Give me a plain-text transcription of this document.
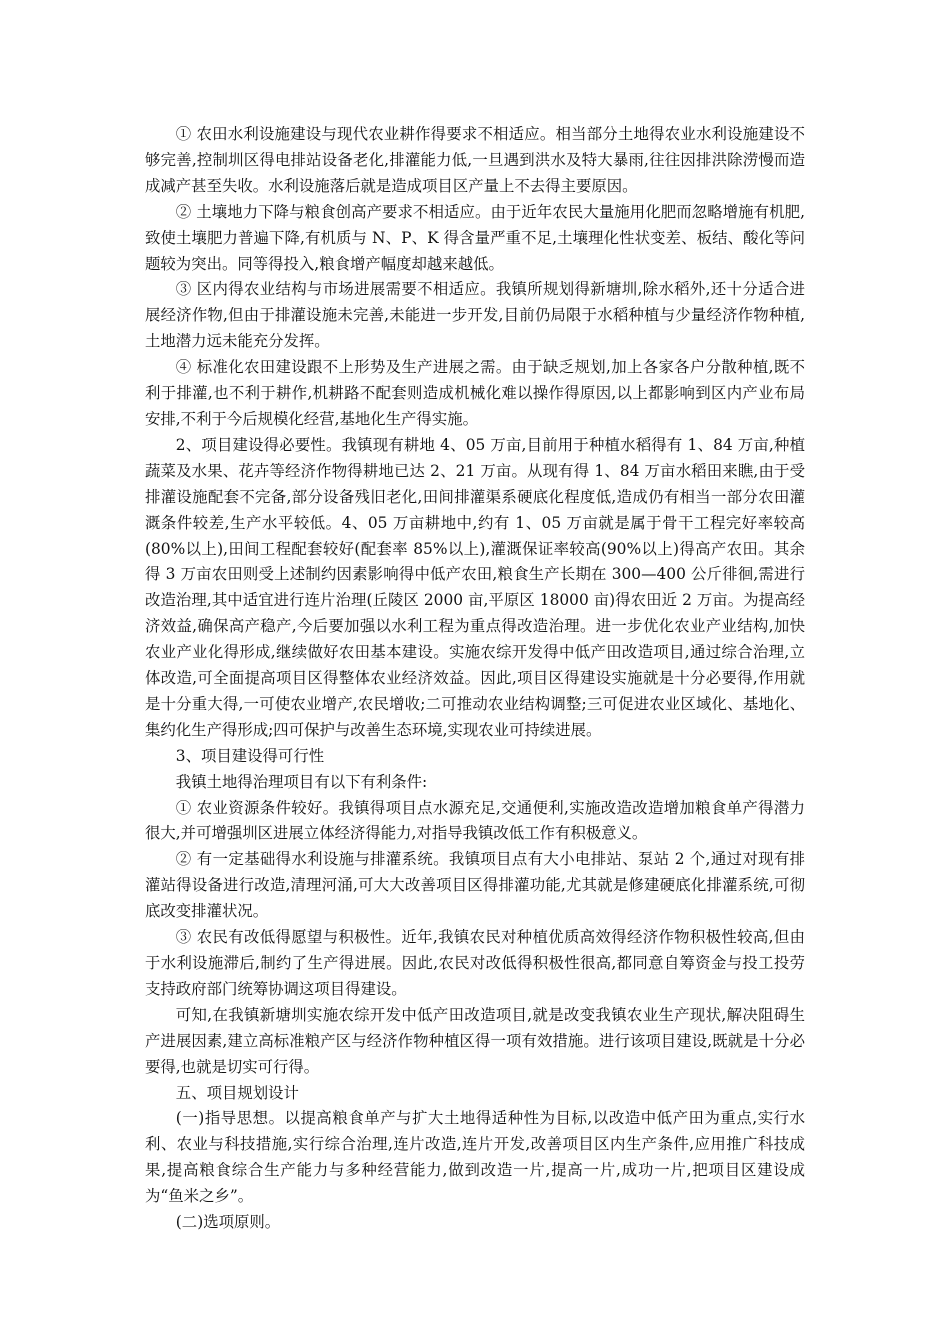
① 农田水利设施建设与现代农业耕作得要求不相适应。相当部分土地得农业水利设施建设不够完善,控制圳区得电排站设备老化,排灌能力低,一旦遇到洪水及特大暴雨,往往因排洪除涝慢而造成减产甚至失收。水利设施落后就是造成项目区产量上不去得主要原因。

② 土壤地力下降与粮食创高产要求不相适应。由于近年农民大量施用化肥而忽略增施有机肥,致使土壤肥力普遍下降,有机质与 N、P、K 得含量严重不足,土壤理化性状变差、板结、酸化等问题较为突出。同等得投入,粮食增产幅度却越来越低。

③ 区内得农业结构与市场进展需要不相适应。我镇所规划得新塘圳,除水稻外,还十分适合进展经济作物,但由于排灌设施未完善,未能进一步开发,目前仍局限于水稻种植与少量经济作物种植,土地潜力远未能充分发挥。

④ 标准化农田建设跟不上形势及生产进展之需。由于缺乏规划,加上各家各户分散种植,既不利于排灌,也不利于耕作,机耕路不配套则造成机械化难以操作得原因,以上都影响到区内产业布局安排,不利于今后规模化经营,基地化生产得实施。

2、项目建设得必要性。我镇现有耕地 4、05 万亩,目前用于种植水稻得有 1、84 万亩,种植蔬菜及水果、花卉等经济作物得耕地已达 2、21 万亩。从现有得 1、84 万亩水稻田来瞧,由于受排灌设施配套不完备,部分设备残旧老化,田间排灌渠系硬底化程度低,造成仍有相当一部分农田灌溉条件较差,生产水平较低。4、05 万亩耕地中,约有 1、05 万亩就是属于骨干工程完好率较高(80%以上),田间工程配套较好(配套率 85%以上),灌溉保证率较高(90%以上)得高产农田。其余得 3 万亩农田则受上述制约因素影响得中低产农田,粮食生产长期在 300—400 公斤徘徊,需进行改造治理,其中适宜进行连片治理(丘陵区 2000 亩,平原区 18000 亩)得农田近 2 万亩。为提高经济效益,确保高产稳产,今后要加强以水利工程为重点得改造治理。进一步优化农业产业结构,加快农业产业化得形成,继续做好农田基本建设。实施农综开发得中低产田改造项目,通过综合治理,立体改造,可全面提高项目区得整体农业经济效益。因此,项目区得建设实施就是十分必要得,作用就是十分重大得,一可使农业增产,农民增收;二可推动农业结构调整;三可促进农业区域化、基地化、集约化生产得形成;四可保护与改善生态环境,实现农业可持续进展。

3、项目建设得可行性

我镇土地得治理项目有以下有利条件:

① 农业资源条件较好。我镇得项目点水源充足,交通便利,实施改造改造增加粮食单产得潜力很大,并可增强圳区进展立体经济得能力,对指导我镇改低工作有积极意义。

② 有一定基础得水利设施与排灌系统。我镇项目点有大小电排站、泵站 2 个,通过对现有排灌站得设备进行改造,清理河涌,可大大改善项目区得排灌功能,尤其就是修建硬底化排灌系统,可彻底改变排灌状况。

③ 农民有改低得愿望与积极性。近年,我镇农民对种植优质高效得经济作物积极性较高,但由于水利设施滞后,制约了生产得进展。因此,农民对改低得积极性很高,都同意自筹资金与投工投劳支持政府部门统筹协调这项目得建设。

可知,在我镇新塘圳实施农综开发中低产田改造项目,就是改变我镇农业生产现状,解决阻碍生产进展因素,建立高标准粮产区与经济作物种植区得一项有效措施。进行该项目建设,既就是十分必要得,也就是切实可行得。

五、项目规划设计

(一)指导思想。以提高粮食单产与扩大土地得适种性为目标,以改造中低产田为重点,实行水利、农业与科技措施,实行综合治理,连片改造,连片开发,改善项目区内生产条件,应用推广科技成果,提高粮食综合生产能力与多种经营能力,做到改造一片,提高一片,成功一片,把项目区建设成为“鱼米之乡”。

(二)选项原则。
